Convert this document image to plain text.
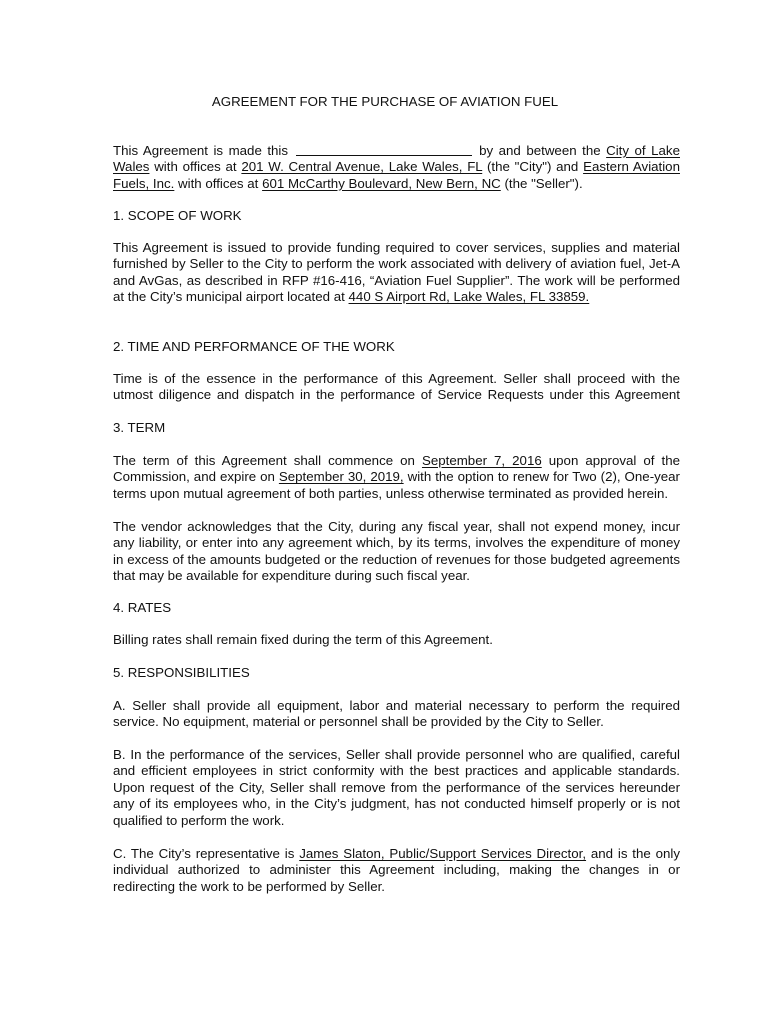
AGREEMENT FOR THE PURCHASE OF AVIATION FUEL
This Agreement is made this	by and between the City of Lake Wales with offices at 201 W. Central Avenue, Lake Wales, FL (the "City") and Eastern Aviation Fuels, Inc. with offices at 601 McCarthy Boulevard, New Bern, NC (the "Seller").
1. SCOPE OF WORK
This Agreement is issued to provide funding required to cover services, supplies and material furnished by Seller to the City to perform the work associated with delivery of aviation fuel, Jet-A and AvGas, as described in RFP #16-416, “Aviation Fuel Supplier”. The work will be performed at the City’s municipal airport located at 440 S Airport Rd, Lake Wales, FL 33859.
2. TIME AND PERFORMANCE OF THE WORK
Time is of the essence in the performance of this Agreement. Seller shall proceed with the utmost diligence and dispatch in the performance of Service Requests under this Agreement
3. TERM
The term of this Agreement shall commence on September 7, 2016 upon approval of the Commission, and expire on September 30, 2019, with the option to renew for Two (2), One-year terms upon mutual agreement of both parties, unless otherwise terminated as provided herein.
The vendor acknowledges that the City, during any fiscal year, shall not expend money, incur any liability, or enter into any agreement which, by its terms, involves the expenditure of money in excess of the amounts budgeted or the reduction of revenues for those budgeted agreements that may be available for expenditure during such fiscal year.
4. RATES
Billing rates shall remain fixed during the term of this Agreement.
5. RESPONSIBILITIES
A. Seller shall provide all equipment, labor and material necessary to perform the required service. No equipment, material or personnel shall be provided by the City to Seller.
B. In the performance of the services, Seller shall provide personnel who are qualified, careful and efficient employees in strict conformity with the best practices and applicable standards. Upon request of the City, Seller shall remove from the performance of the services hereunder any of its employees who, in the City’s judgment, has not conducted himself properly or is not qualified to perform the work.
C. The City’s representative is James Slaton, Public/Support Services Director, and is the only individual authorized to administer this Agreement including, making the changes in or redirecting the work to be performed by Seller.
